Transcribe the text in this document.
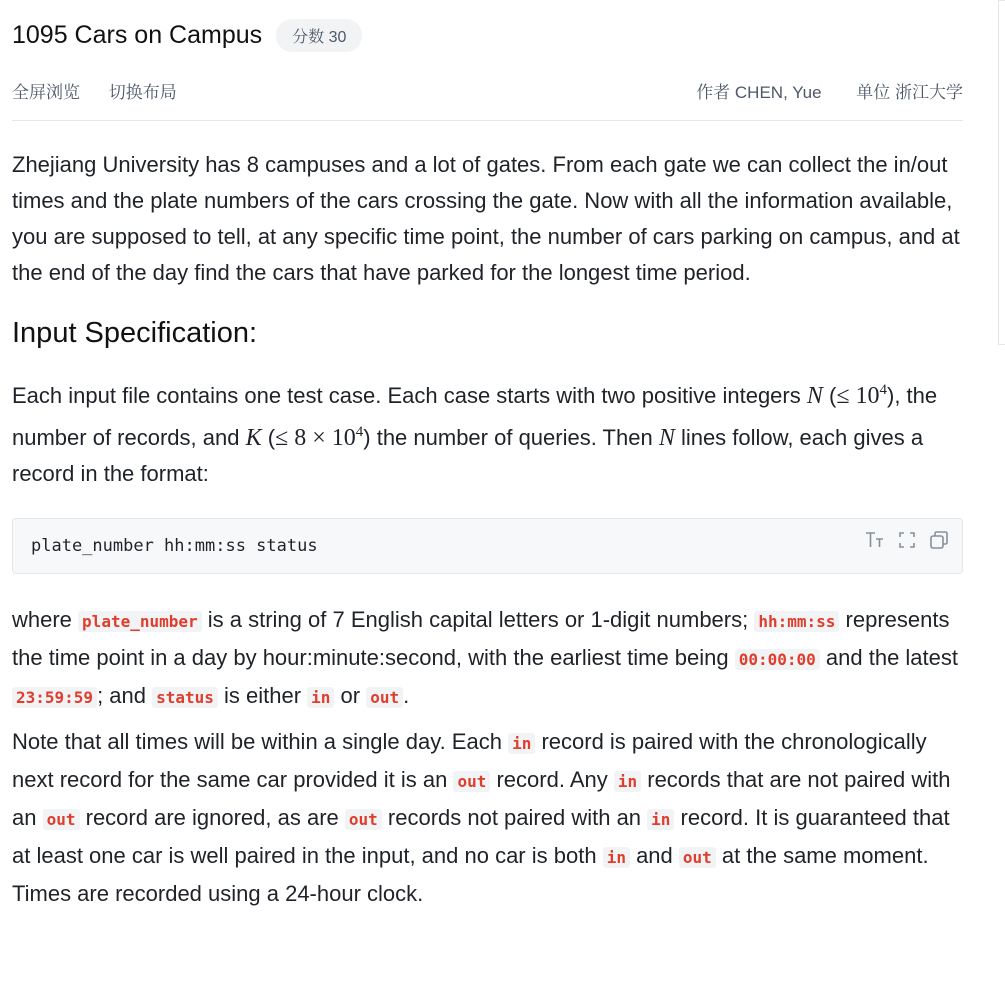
1095 Cars on Campus	分数 30
全屏浏览 切换布局	作者 CHEN, Yue 单位 浙江大学

Zhejiang University has 8 campuses and a lot of gates. From each gate we can collect the in/out times and the plate numbers of the cars crossing the gate. Now with all the information available, you are supposed to tell, at any specific time point, the number of cars parking on campus, and at the end of the day find the cars that have parked for the longest time period.

Input Specification:

Each input file contains one test case. Each case starts with two positive integers N (≤ $10^4$), the number of records, and K (≤ $8 \times 10^4$) the number of queries. Then N lines follow, each gives a record in the format:

plate_number hh:mm:ss status

where plate_number is a string of 7 English capital letters or 1-digit numbers; hh:mm:ss represents the time point in a day by hour:minute:second, with the earliest time being 00:00:00 and the latest 23:59:59 ; and status is either in or out .

Note that all times will be within a single day. Each in record is paired with the chronologically next record for the same car provided it is an out record. Any in records that are not paired with an out record are ignored, as are out records not paired with an in record. It is guaranteed that at least one car is well paired in the input, and no car is both in and out at the same moment. Times are recorded using a 24-hour clock.
